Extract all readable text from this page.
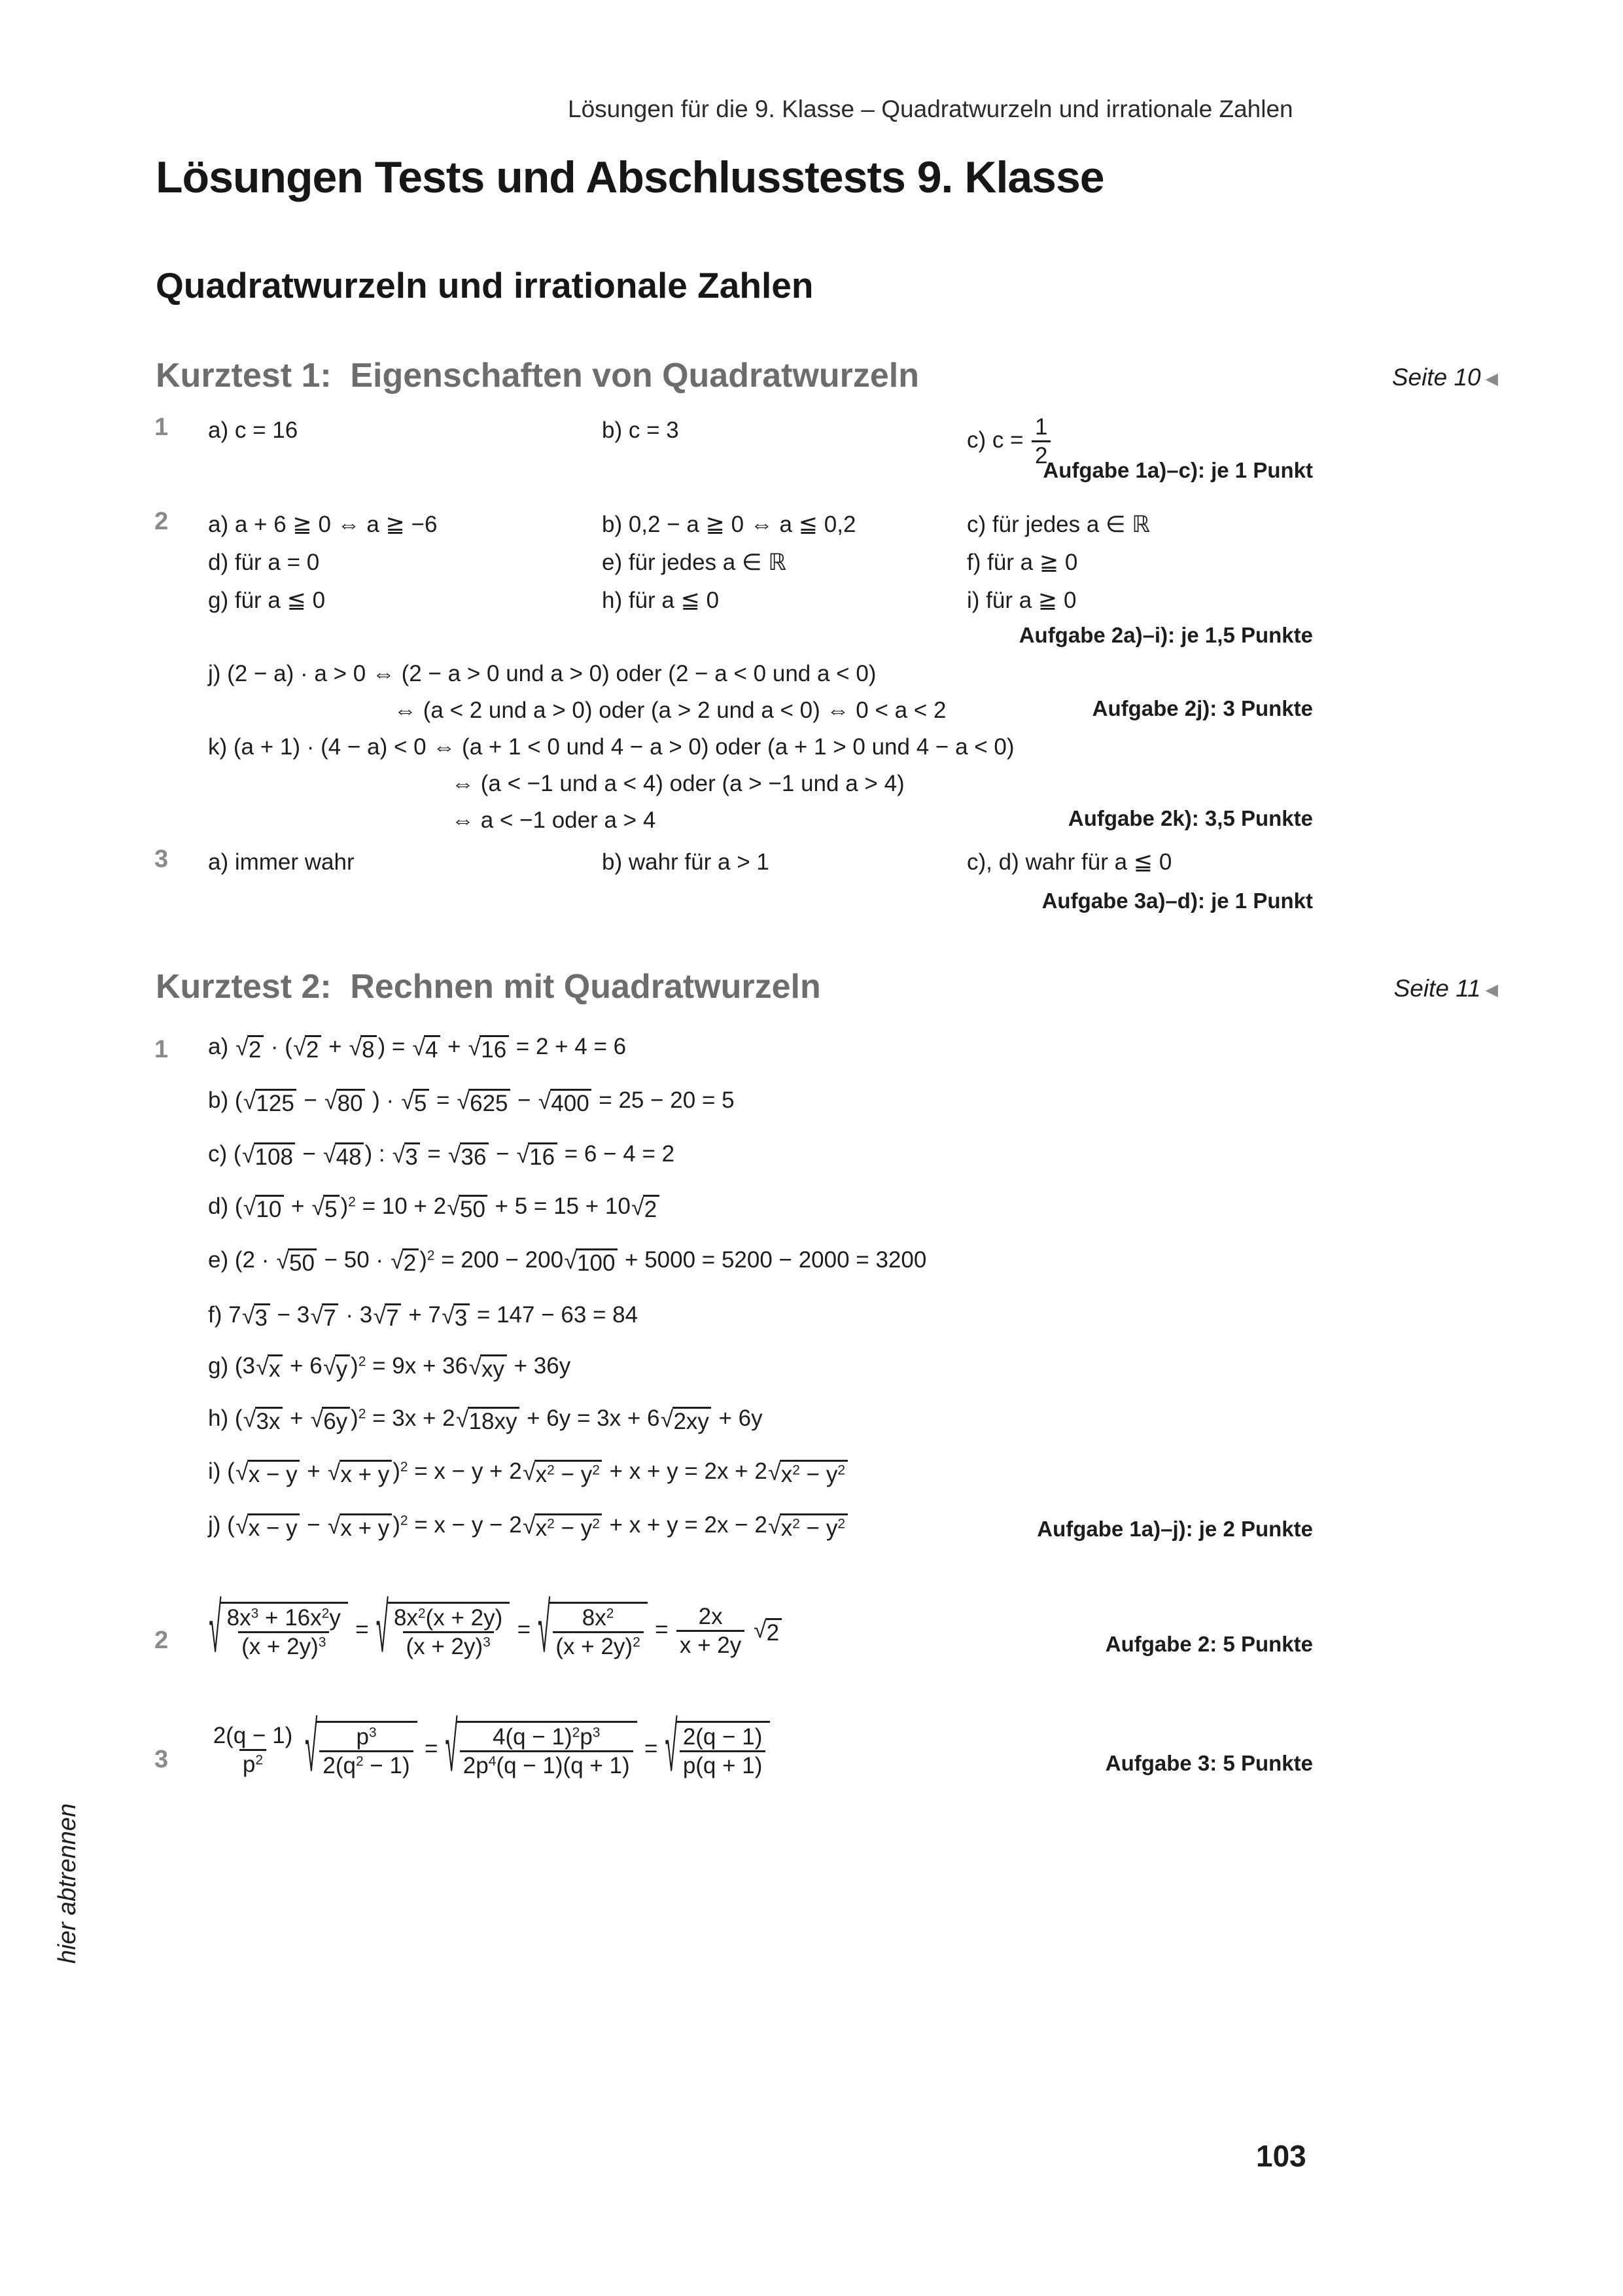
Lösungen für die 9. Klasse – Quadratwurzeln und irrationale Zahlen
Lösungen Tests und Abschlusstests 9. Klasse
Quadratwurzeln und irrationale Zahlen
Kurztest 1: Eigenschaften von Quadratwurzeln	Seite 10 ◀
1 a) c = 16	b) c = 3	c) $c = \frac{1}{2}$
Aufgabe 1a)–c): je 1 Punkt
2 a) a + 6 ≧ 0 ⇔ a ≧ −6	b) 0,2 − a ≧ 0 ⇔ a ≦ 0,2	c) für jedes a ∈ ℝ
d) für a = 0	e) für jedes a ∈ ℝ	f) für a ≧ 0
g) für a ≦ 0	h) für a ≦ 0	i) für a ≧ 0
Aufgabe 2a)–i): je 1,5 Punkte
j) (2 − a) · a > 0 ⇔ (2 − a > 0 und a > 0) oder (2 − a < 0 und a < 0)
⇔ (a < 2 und a > 0) oder (a > 2 und a < 0) ⇔ 0 < a < 2	Aufgabe 2j): 3 Punkte
k) (a + 1) · (4 − a) < 0 ⇔ (a + 1 < 0 und 4 − a > 0) oder (a + 1 > 0 und 4 − a < 0)
⇔ (a < −1 und a < 4) oder (a > −1 und a > 4)
⇔ a < −1 oder a > 4	Aufgabe 2k): 3,5 Punkte
3 a) immer wahr	b) wahr für a > 1	c), d) wahr für a ≦ 0
Aufgabe 3a)–d): je 1 Punkt
Kurztest 2: Rechnen mit Quadratwurzeln	Seite 11 ◀
1 a) √ 2 · ( √ 2 + √ 8 ) = √ 4 + √ 16 = 2 + 4 = 6
b) ( √ 125 − √ 80 ) · √ 5 = √ 625 − √ 400 = 25 − 20 = 5
c) ( √ 108 − √ 48 ) : √ 3 = √ 36 − √ 16 = 6 − 4 = 2
d) ( √ 10 + √ 5 )$^2$ = 10 + 2 √ 50 + 5 = 15 + 10 √ 2
e) (2 · √ 50 − 50 · √ 2 )$^2$ = 200 − 200 √ 100 + 5000 = 5200 − 2000 = 3200
f) 7 √ 3 − 3 √ 7 · 3 √ 7 + 7 √ 3 = 147 − 63 = 84
g) (3 √ x + 6 √ y )$^2$ = 9x + 36 √ xy + 36y
h) ( √ 3x + √ 6y )$^2$ = 3x + 2 √ 18xy + 6y = 3x + 6 √ 2xy + 6y
i) ( √ x − y + √ x + y )$^2$ = x − y + 2 √ $x^2 - y^2 + x + y = 2x + 2$ √ $x^2 - y^2$
j) ( √ x − y − √ x + y )$^2$ = x − y − 2 √ $x^2 - y^2 + x + y = 2x - 2$ √ $x^2 - y^2$	Aufgabe 1a)–j): je 2 Punkte
2 √ $\frac{8x^3 + 16x^2y}{(x + 2y)^3}$ = √ $\frac{8x^2(x + 2y)}{(x + 2y)^3}$ = √ $\frac{8x^2}{(x + 2y)^2} = \frac{2x}{x + 2y}$
√ 2	Aufgabe 2: 5 Punkte
$3 \frac{2(q - 1)}{p^2}$
√ $\frac{p^3}{2(q^2 - 1)}$ = √ $\frac{4(q - 1)^2p^3}{2p^4(q - 1)(q + 1)}$ = √ $\frac{2(q - 1)}{p(q + 1)}$	Aufgabe 3: 5 Punkte
hier abtrennen
103
